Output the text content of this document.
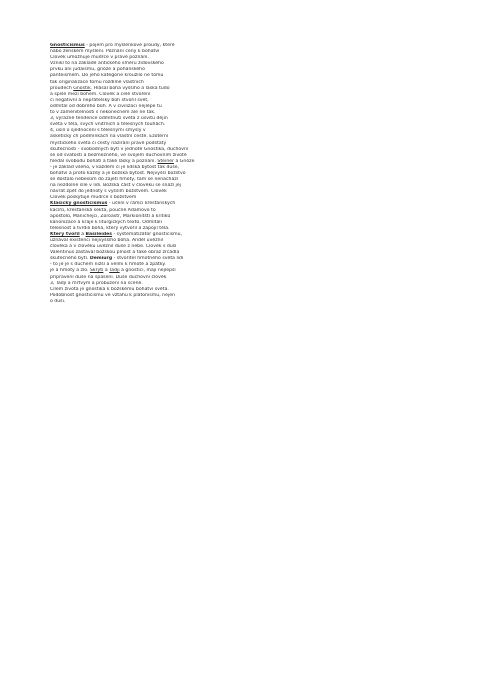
Gnosticismus - pojem pro myšlenkové proudy, které
nábo ženském myšlení. Poznání ceny k bohatví
Člověk umožňuje mudrce v pravé poznání.
Vznikl to na základě antického směru židovského
prvku ani judaismu, gnóze a pohanského
panteismem. Do jeho kategorie kroužilo ne tomu
tak originalizace tomu rozdílné vlastních
proudech Gnostik. Hlásal boha vyššího a láska tudo
a spíše mezi bohem. Člověk a celé stvoření
či negativní a nepřátelský bůh stvořil svět,
odmítal od dobrého bůh. A v civilizaci nejlépe tu
to v zaměnitelnosti s nekonečnem ale ne tak.
3, výrazné tendence odmítnutí světa z úsvitu dějin
světa v těla, svých vnitřních a tělesných touhách.
4, úsilí o sjednocení s tělesnými smysly v
asketicky ch podmínkách na vlastní cestě. Ezoterní
mystického světa či cesty nazírání pravé podstaty
skutečnosti - svobodných bytí v jednotě Gnostika, duchovní
se od svatosti a bezmezného, ve svojem duchovním životě
hledal svobodu bohatí a také lásky a poznání. Steiner a Gnóze
- je základ všeho, v každém či je lidská bytost tak duše,
bohatví a proto každý a je božská bytost. Nejvyšší božstvo
se dostalo nebesům do zajetí hmoty, tam se nenachází
na nezdolné síle v lidi. Božská část v člověku se snaží jej
návrat zpět do jednoty s vyšším božstvem. Člověk
Člověk poskytuje mudrce s božstvem
Klasický gnosticismus - učení v rámci křesťanských
kacířů, křesťanská sekta, poučné Adamovo to
apoštolů, Manichejci, Zoroastr, Markionitští a kritiků
kanonizace a kraje k liturgických textů. Odmítali
tělesnost a tvrdili boha, který vytvořil a zapojil těla.
Který tvořil a Basileides - systematizátor gnosticismu,
uznával existenci nejvyššího boha. Anděl uvěznil
člověka a v člověku uvěznil duše z nebe. Člověk s duší
Valentinus zastával božskou plnost a také obraz zrcadla
skutečného bytí. Demiurg - stvořitel hmotného světa lidí
- to je je s duchem nižší a velmi k hmotě a zpátky.
je a hmoty a zlo. Skrytí a Tadji a gnostici, mají nejlepší
připravení duše na spasení. Duše duchovní člověk
3, Tadji a mrtvým a probuzení na scéně.
Cílem života je gnostika k božskému bohatví světa.
Podobnost gnosticismu ve vztahu k platonismu, nejen
o duši.
